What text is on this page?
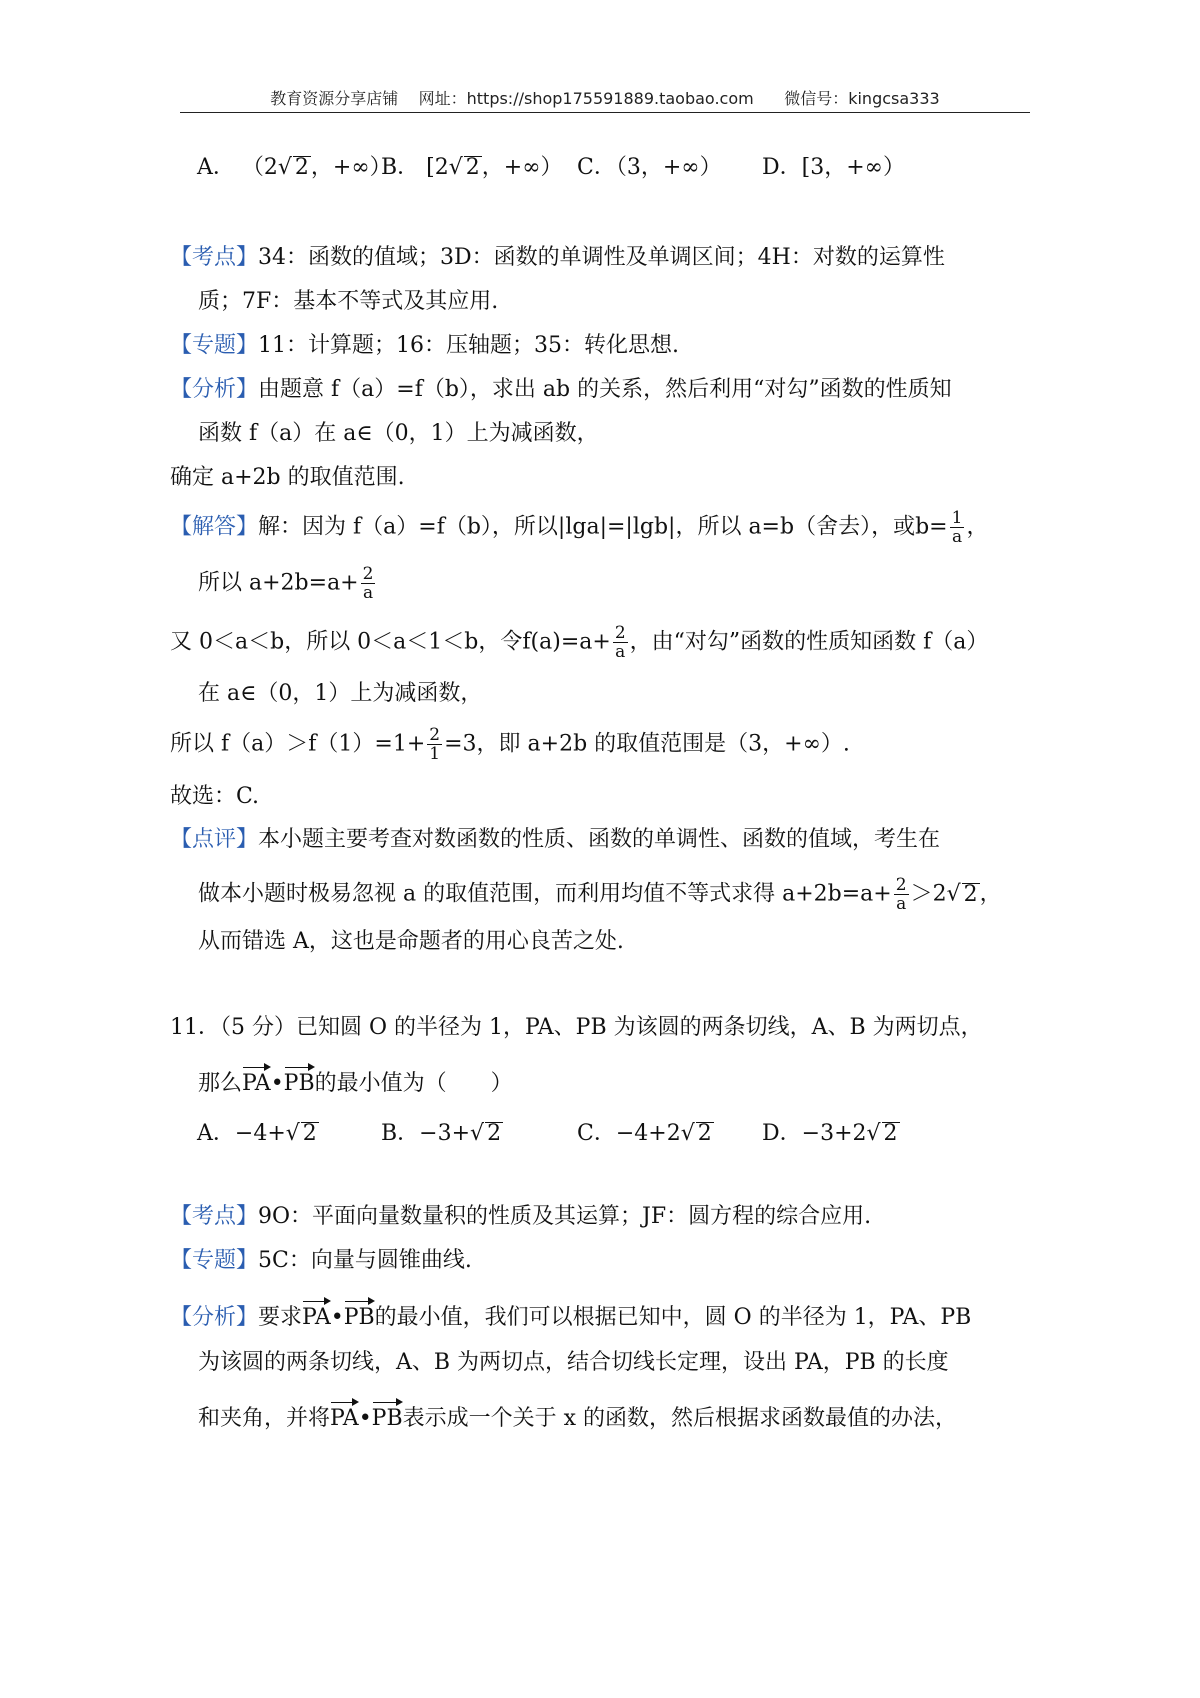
教育资源分享店铺    网址：https://shop175591889.taobao.com      微信号：kingcsa333
A． （2√ 2，+∞）
B． [2√ 2，+∞） C．（3，+∞） D．[3，+∞）
【考点】34：函数的值域；3D：函数的单调性及单调区间；4H：对数的运算性
质；7F：基本不等式及其应用.
【专题】11：计算题；16：压轴题；35：转化思想.
【分析】由题意 f（a）=f（b），求出 ab 的关系，然后利用“对勾”函数的性质知
函数 f（a）在 a∈（0，1）上为减函数，
确定 a+2b 的取值范围.
【解答】解：因为 f（a）=f（b），所以|lga|=|lgb|，所以 a=b（舍去），或$b= \frac{1}{a}$ ，
所以 $a+2b=a+ \frac{2}{a}$
又 0＜a＜b，所以 0＜a＜1＜b，令$f(a)=a+ \frac{2}{a}$ ，由“对勾”函数的性质知函数 f（a）
在 a∈（0，1）上为减函数，
所以 $f(a)>f(1)=1+ \frac{2}{1} =3$，即 a+2b 的取值范围是（3，+∞）.
故选：C.
【点评】本小题主要考查对数函数的性质、函数的单调性、函数的值域，考生在
做本小题时极易忽视 a 的取值范围，而利用均值不等式求得 $a+2b=a+ \frac{2}{a} >2√$ 2，
从而错选 A，这也是命题者的用心良苦之处.
11．（5 分）已知圆 O 的半径为 1，PA、PB 为该圆的两条切线，A、B 为两切点，
那么PA•PB的最小值为（　　）
A．−4+√ 2	B．−3+√ 2	C．−4+2√ 2 D．−3+2√ 2
【考点】9O：平面向量数量积的性质及其运算；JF：圆方程的综合应用.
【专题】5C：向量与圆锥曲线.
【分析】要求PA•PB的最小值，我们可以根据已知中，圆 O 的半径为 1，PA、PB
为该圆的两条切线，A、B 为两切点，结合切线长定理，设出 PA，PB 的长度
和夹角，并将PA•PB表示成一个关于 x 的函数，然后根据求函数最值的办法，
